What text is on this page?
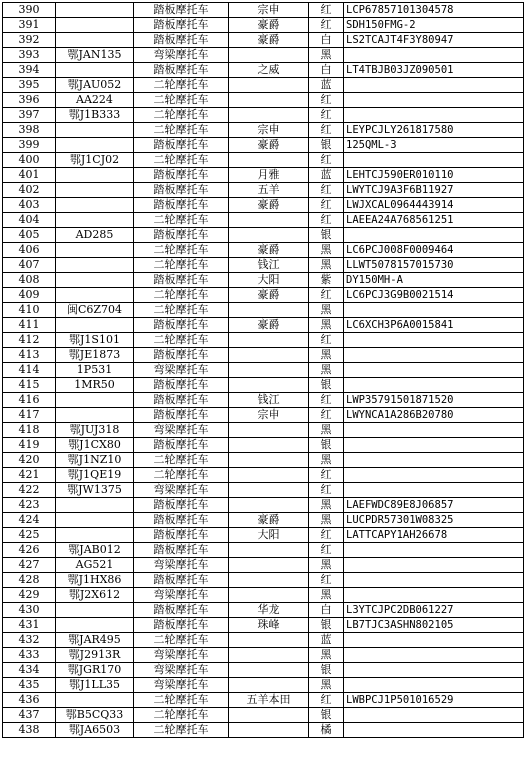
390		踏板摩托车	宗申	红	LCP67857101304578
391		踏板摩托车	豪爵	红	SDH150FMG-2
392		踏板摩托车	豪爵	白	LS2TCAJT4F3Y80947
393	鄂JAN135	弯梁摩托车		黑	
394		踏板摩托车	之威	白	LT4TBJB03JZ090501
395	鄂JAU052	二轮摩托车		蓝	
396	AA224	二轮摩托车		红	
397	鄂J1B333	二轮摩托车		红	
398		二轮摩托车	宗申	红	LEYPCJLY261817580
399		踏板摩托车	豪爵	银	125QML-3
400	鄂J1CJ02	二轮摩托车		红	
401		踏板摩托车	月雅	蓝	LEHTCJ590ER010110
402		踏板摩托车	五羊	红	LWYTCJ9A3F6B11927
403		踏板摩托车	豪爵	红	LWJXCAL0964443914
404		二轮摩托车		红	LAEEA24A768561251
405	AD285	踏板摩托车		银	
406		二轮摩托车	豪爵	黑	LC6PCJ008F0009464
407		二轮摩托车	钱江	黑	LLWT5078157015730
408		踏板摩托车	大阳	紫	DY150MH-A
409		二轮摩托车	豪爵	红	LC6PCJ3G9B0021514
410	闽C6Z704	二轮摩托车		黑	
411		踏板摩托车	豪爵	黑	LC6XCH3P6A0015841
412	鄂J1S101	二轮摩托车		红	
413	鄂JE1873	踏板摩托车		黑	
414	1P531	弯梁摩托车		黑	
415	1MR50	踏板摩托车		银	
416		踏板摩托车	钱江	红	LWP35791501871520
417		踏板摩托车	宗申	红	LWYNCA1A286B20780
418	鄂JUJ318	弯梁摩托车		黑	
419	鄂J1CX80	踏板摩托车		银	
420	鄂J1NZ10	二轮摩托车		黑	
421	鄂J1QE19	二轮摩托车		红	
422	鄂JW1375	弯梁摩托车		红	
423		踏板摩托车		黑	LAEFWDC89E8J06857
424		踏板摩托车	豪爵	黑	LUCPDR57301W08325
425		踏板摩托车	大阳	红	LATTCAPY1AH26678
426	鄂JAB012	踏板摩托车		红	
427	AG521	弯梁摩托车		黑	
428	鄂J1HX86	踏板摩托车		红	
429	鄂J2X612	弯梁摩托车		黑	
430		踏板摩托车	华龙	白	L3YTCJPC2DB061227
431		踏板摩托车	珠峰	银	LB7TJC3ASHN802105
432	鄂JAR495	二轮摩托车		蓝	
433	鄂J2913R	弯梁摩托车		黑	
434	鄂JGR170	弯梁摩托车		银	
435	鄂J1LL35	弯梁摩托车		黑	
436		二轮摩托车	五羊本田	红	LWBPCJ1P501016529
437	鄂B5CQ33	二轮摩托车		银	
438	鄂JA6503	二轮摩托车		橘	
